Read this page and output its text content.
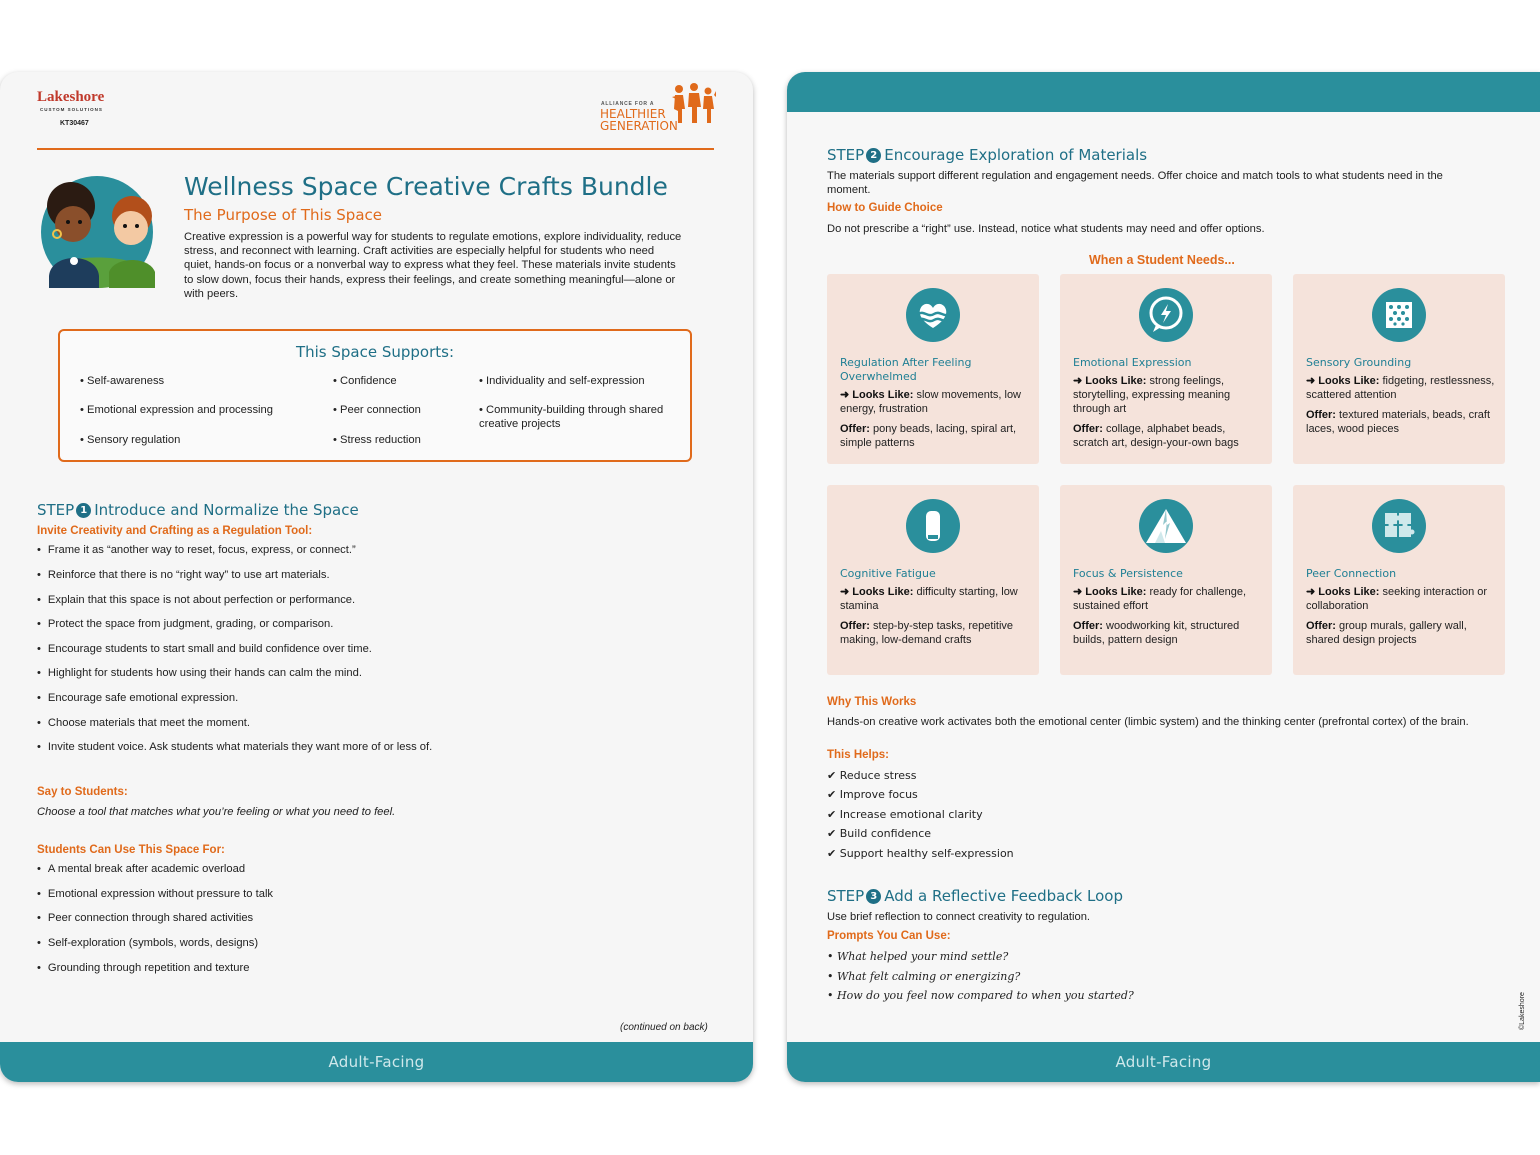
Lakeshore
CUSTOM SOLUTIONS
KT30467
ALLIANCE FOR A
HEALTHIER
GENERATION
Wellness Space Creative Crafts Bundle
The Purpose of This Space
Creative expression is a powerful way for students to regulate emotions, explore individuality, reduce stress, and reconnect with learning. Craft activities are especially helpful for students who need quiet, hands-on focus or a nonverbal way to express what they feel. These materials invite students to slow down, focus their hands, express their feelings, and create something meaningful—alone or with peers.
This Space Supports:
• Self-awareness
• Emotional expression and processing
• Sensory regulation
• Confidence
• Peer connection
• Stress reduction
• Individuality and self-expression
• Community-building through shared creative projects
STEP 1 Introduce and Normalize the Space
Invite Creativity and Crafting as a Regulation Tool:
• Frame it as “another way to reset, focus, express, or connect.”
• Reinforce that there is no “right way” to use art materials.
• Explain that this space is not about perfection or performance.
• Protect the space from judgment, grading, or comparison.
• Encourage students to start small and build confidence over time.
• Highlight for students how using their hands can calm the mind.
• Encourage safe emotional expression.
• Choose materials that meet the moment.
• Invite student voice. Ask students what materials they want more of or less of.
Say to Students:
Choose a tool that matches what you’re feeling or what you need to feel.
Students Can Use This Space For:
• A mental break after academic overload
• Emotional expression without pressure to talk
• Peer connection through shared activities
• Self-exploration (symbols, words, designs)
• Grounding through repetition and texture
(continued on back)
Adult-Facing
STEP 2 Encourage Exploration of Materials
The materials support different regulation and engagement needs. Offer choice and match tools to what students need in the moment.
How to Guide Choice
Do not prescribe a “right” use. Instead, notice what students may need and offer options.
When a Student Needs...
Regulation After Feeling Overwhelmed
➜ Looks Like: slow movements, low energy, frustration
Offer: pony beads, lacing, spiral art, simple patterns
Emotional Expression
➜ Looks Like: strong feelings, storytelling, expressing meaning through art
Offer: collage, alphabet beads, scratch art, design-your-own bags
Sensory Grounding
➜ Looks Like: fidgeting, restlessness, scattered attention
Offer: textured materials, beads, craft laces, wood pieces
Cognitive Fatigue
➜ Looks Like: difficulty starting, low stamina
Offer: step-by-step tasks, repetitive making, low-demand crafts
Focus & Persistence
➜ Looks Like: ready for challenge, sustained effort
Offer: woodworking kit, structured builds, pattern design
Peer Connection
➜ Looks Like: seeking interaction or collaboration
Offer: group murals, gallery wall, shared design projects
Why This Works
Hands-on creative work activates both the emotional center (limbic system) and the thinking center (prefrontal cortex) of the brain.
This Helps:
✔ Reduce stress
✔ Improve focus
✔ Increase emotional clarity
✔ Build confidence
✔ Support healthy self-expression
STEP 3 Add a Reflective Feedback Loop
Use brief reflection to connect creativity to regulation.
Prompts You Can Use:
• What helped your mind settle?
• What felt calming or energizing?
• How do you feel now compared to when you started?	©Lakeshore
Adult-Facing
